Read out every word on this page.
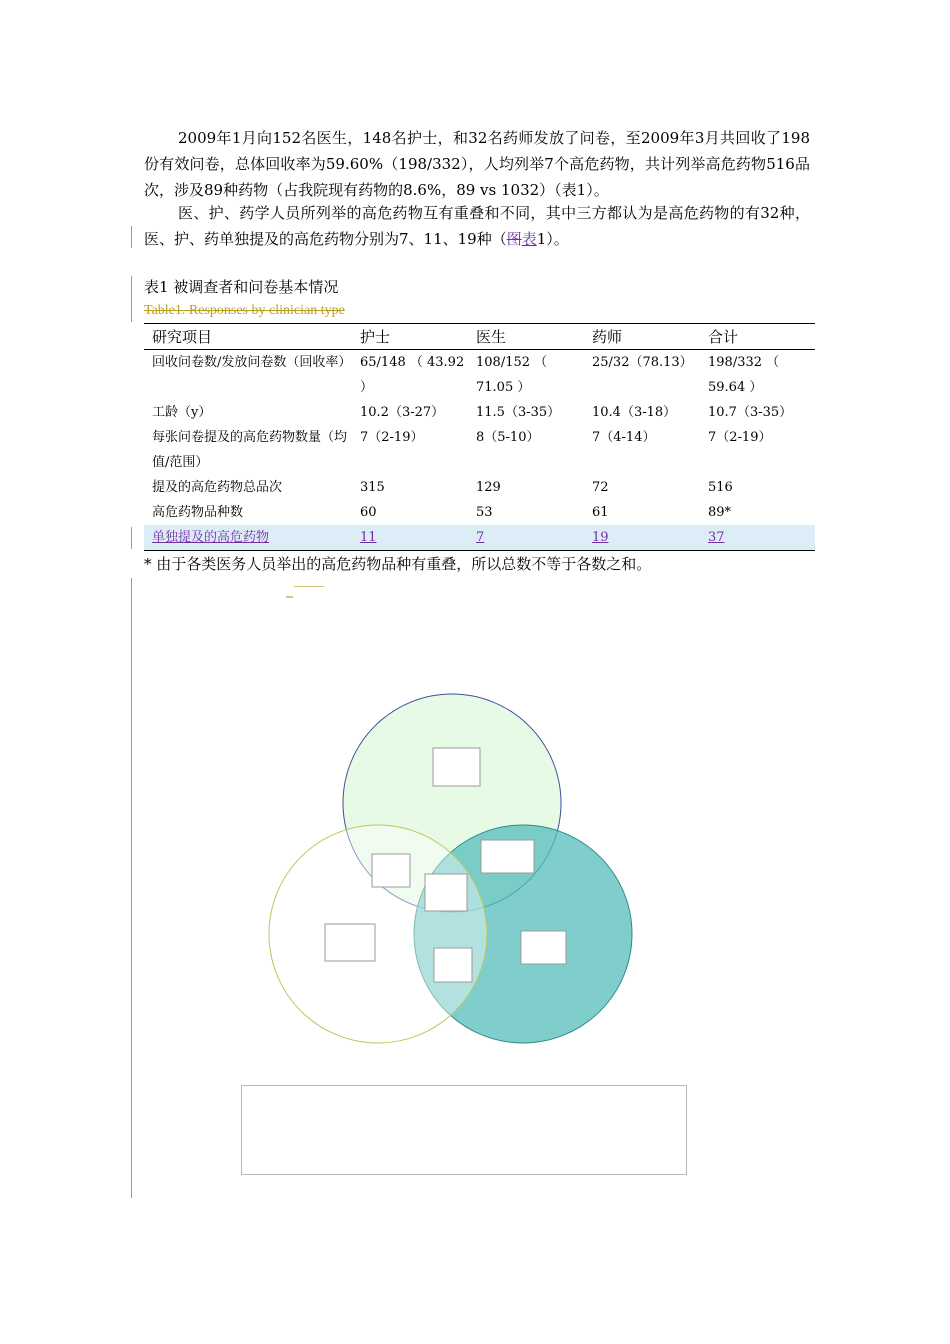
2009年1月向152名医生，148名护士，和32名药师发放了问卷，至2009年3月共回收了198份有效问卷，总体回收率为59.60%（198/332），人均列举7个高危药物，共计列举高危药物516品次，涉及89种药物（占我院现有药物的8.6%，89 vs 1032）（表1）。

医、护、药学人员所列举的高危药物互有重叠和不同，其中三方都认为是高危药物的有32种，医、护、药单独提及的高危药物分别为7、11、19种（图表1）。

表1 被调查者和问卷基本情况
Table1. Responses by clinician type
研究项目	护士	医生	药师	合计
回收问卷数/发放问卷数（回收率）	65/148 （ 43.92 ）	108/152 （ 71.05 ）	25/32（78.13）	198/332 （ 59.64 ）
工龄（y）	10.2（3-27）	11.5（3-35）	10.4（3-18）	10.7（3-35）
每张问卷提及的高危药物数量（均值/范围）	7（2-19）	8（5-10）	7（4-14）	7（2-19）
提及的高危药物总品次	315	129	72	516
高危药物品种数	60	53	61	89*
单独提及的高危药物	11	7	19	37
* 由于各类医务人员举出的高危药物品种有重叠，所以总数不等于各数之和。
